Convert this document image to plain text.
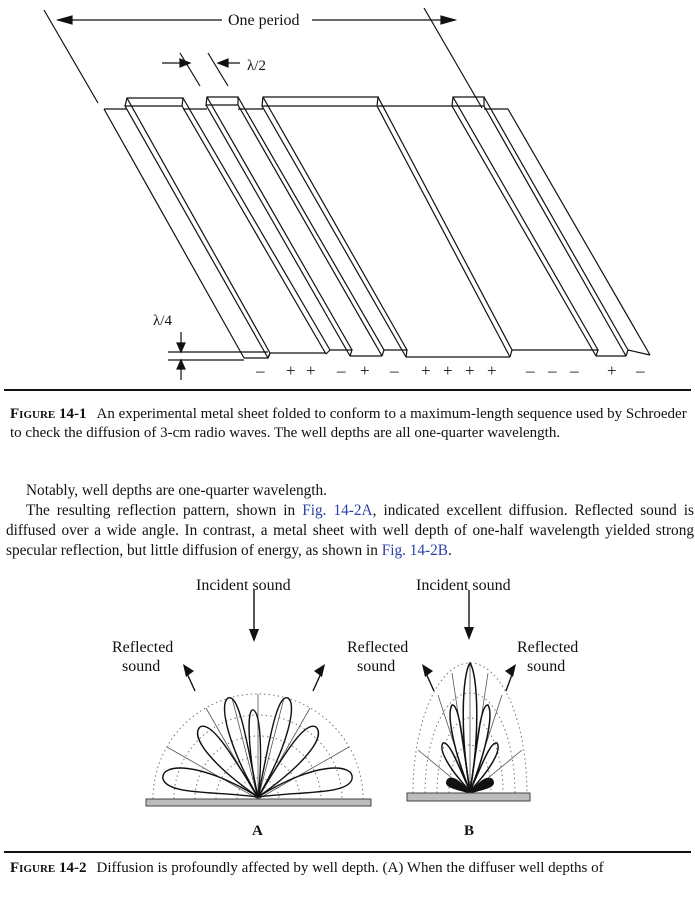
One period
λ/2
λ/4
– + + – + – + + + + – – – + –
Figure 14-1 An experimental metal sheet folded to conform to a maximum-length sequence used by Schroeder to check the diffusion of 3-cm radio waves. The well depths are all one-quarter wavelength.

Notably, well depths are one-quarter wavelength.

The resulting reflection pattern, shown in Fig. 14-2A, indicated excellent diffusion. Reflected sound is diffused over a wide angle. In contrast, a metal sheet with well depth of one-half wavelength yielded strong specular reflection, but little diffusion of energy, as shown in Fig. 14-2B.

Incident sound
Reflected
sound
A
Incident sound
Reflected
sound
Reflected
sound
B
Figure 14-2 Diffusion is profoundly affected by well depth. (A) When the diffuser well depths of
